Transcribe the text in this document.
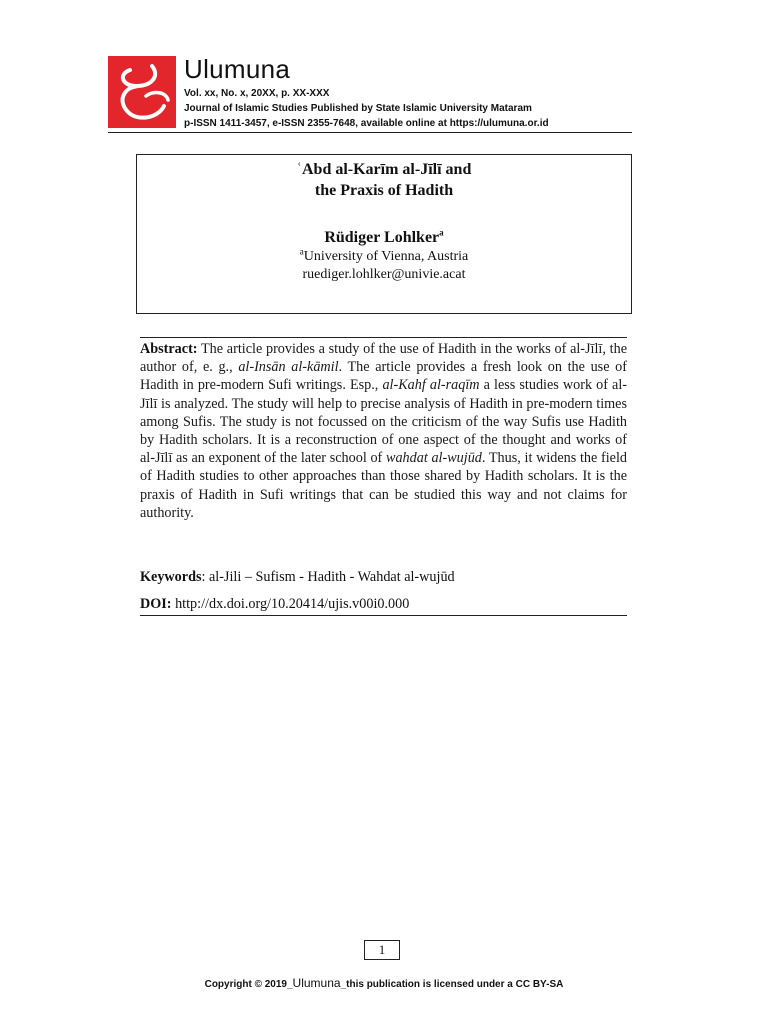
Ulumuna
Vol. xx, No. x, 20XX, p. XX-XXX
Journal of Islamic Studies Published by State Islamic University Mataram
p-ISSN 1411-3457, e-ISSN 2355-7648, available online at https://ulumuna.or.id
ʿAbd al-Karīm al-Jīlī and
the Praxis of Hadith
Rüdiger Lohlker$^a$
$^a$University of Vienna, Austria
ruediger.lohlker@univie.acat
Abstract: The article provides a study of the use of Hadith in the works of al-Jīlī, the author of, e. g., al-Insān al-kāmil. The article provides a fresh look on the use of Hadith in pre-modern Sufi writings. Esp., al-Kahf al-raqīm a less studies work of al-Jīlī is analyzed. The study will help to precise analysis of Hadith in pre-modern times among Sufis. The study is not focussed on the criticism of the way Sufis use Hadith by Hadith scholars. It is a reconstruction of one aspect of the thought and works of al-Jīlī as an exponent of the later school of wahdat al-wujūd. Thus, it widens the field of Hadith studies to other approaches than those shared by Hadith scholars. It is the praxis of Hadith in Sufi writings that can be studied this way and not claims for authority.
Keywords: al-Jili – Sufism - Hadith - Wahdat al-wujūd
DOI: http://dx.doi.org/10.20414/ujis.v00i0.000
1
Copyright © 2019_Ulumuna_this publication is licensed under a CC BY-SA
